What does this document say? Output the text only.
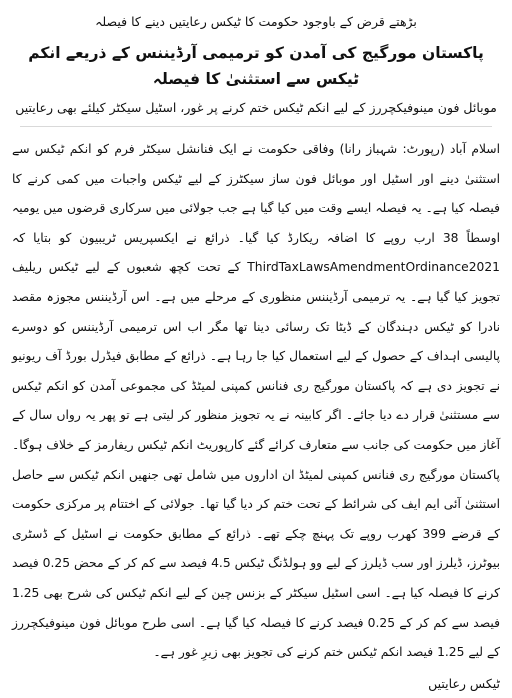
بڑھتے قرض کے باوجود حکومت کا ٹیکس رعایتیں دینے کا فیصلہ

پاکستان مورگیج کی آمدن کو ترمیمی آرڈیننس کے ذریعے انکم ٹیکس سے استثنیٰ کا فیصلہ

موبائل فون مینوفیکچررز کے لیے انکم ٹیکس ختم کرنے پر غور، اسٹیل سیکٹر کیلئے بھی رعایتیں

اسلام آباد (رپورٹ: شہباز رانا) وفاقی حکومت نے ایک فنانشل سیکٹر فرم کو انکم ٹیکس سے استثنیٰ دینے اور اسٹیل اور موبائل فون ساز سیکٹرز کے لیے ٹیکس واجبات میں کمی کرنے کا فیصلہ کیا ہے۔ یہ فیصلہ ایسے وقت میں کیا گیا ہے جب جولائی میں سرکاری قرضوں میں یومیہ اوسطاً 38 ارب روپے کا اضافہ ریکارڈ کیا گیا۔ ذرائع نے ایکسپریس ٹریبیون کو بتایا کہ ThirdTaxLawsAmendmentOrdinance2021 کے تحت کچھ شعبوں کے لیے ٹیکس ریلیف تجویز کیا گیا ہے۔ یہ ترمیمی آرڈیننس منظوری کے مرحلے میں ہے۔ اس آرڈیننس مجوزہ مقصد نادرا کو ٹیکس دہندگان کے ڈیٹا تک رسائی دینا تھا مگر اب اس ترمیمی آرڈیننس کو دوسرے پالیسی اہداف کے حصول کے لیے استعمال کیا جا رہا ہے۔ ذرائع کے مطابق فیڈرل بورڈ آف ریونیو نے تجویز دی ہے کہ پاکستان مورگیج ری فنانس کمپنی لمیٹڈ کی مجموعی آمدن کو انکم ٹیکس سے مستثنیٰ قرار دے دیا جائے۔ اگر کابینہ نے یہ تجویز منظور کر لیتی ہے تو پھر یہ رواں سال کے آغاز میں حکومت کی جانب سے متعارف کرائے گئے کارپوریٹ انکم ٹیکس ریفارمز کے خلاف ہوگا۔ پاکستان مورگیج ری فنانس کمپنی لمیٹڈ ان اداروں میں شامل تھی جنھیں انکم ٹیکس سے حاصل استثنیٰ آئی ایم ایف کی شرائط کے تحت ختم کر دیا گیا تھا۔ جولائی کے اختتام پر مرکزی حکومت کے قرضے 399 کھرب روپے تک پہنچ چکے تھے۔ ذرائع کے مطابق حکومت نے اسٹیل کے ڈسٹری بیوٹرز، ڈیلرز اور سب ڈیلرز کے لیے وو ہولڈنگ ٹیکس 4.5 فیصد سے کم کر کے محض 0.25 فیصد کرنے کا فیصلہ کیا ہے۔ اسی اسٹیل سیکٹر کے بزنس چین کے لیے انکم ٹیکس کی شرح بھی 1.25 فیصد سے کم کر کے 0.25 فیصد کرنے کا فیصلہ کیا گیا ہے۔ اسی طرح موبائل فون مینوفیکچررز کے لیے 1.25 فیصد انکم ٹیکس ختم کرنے کی تجویز بھی زیرِ غور ہے۔

ٹیکس رعایتیں
